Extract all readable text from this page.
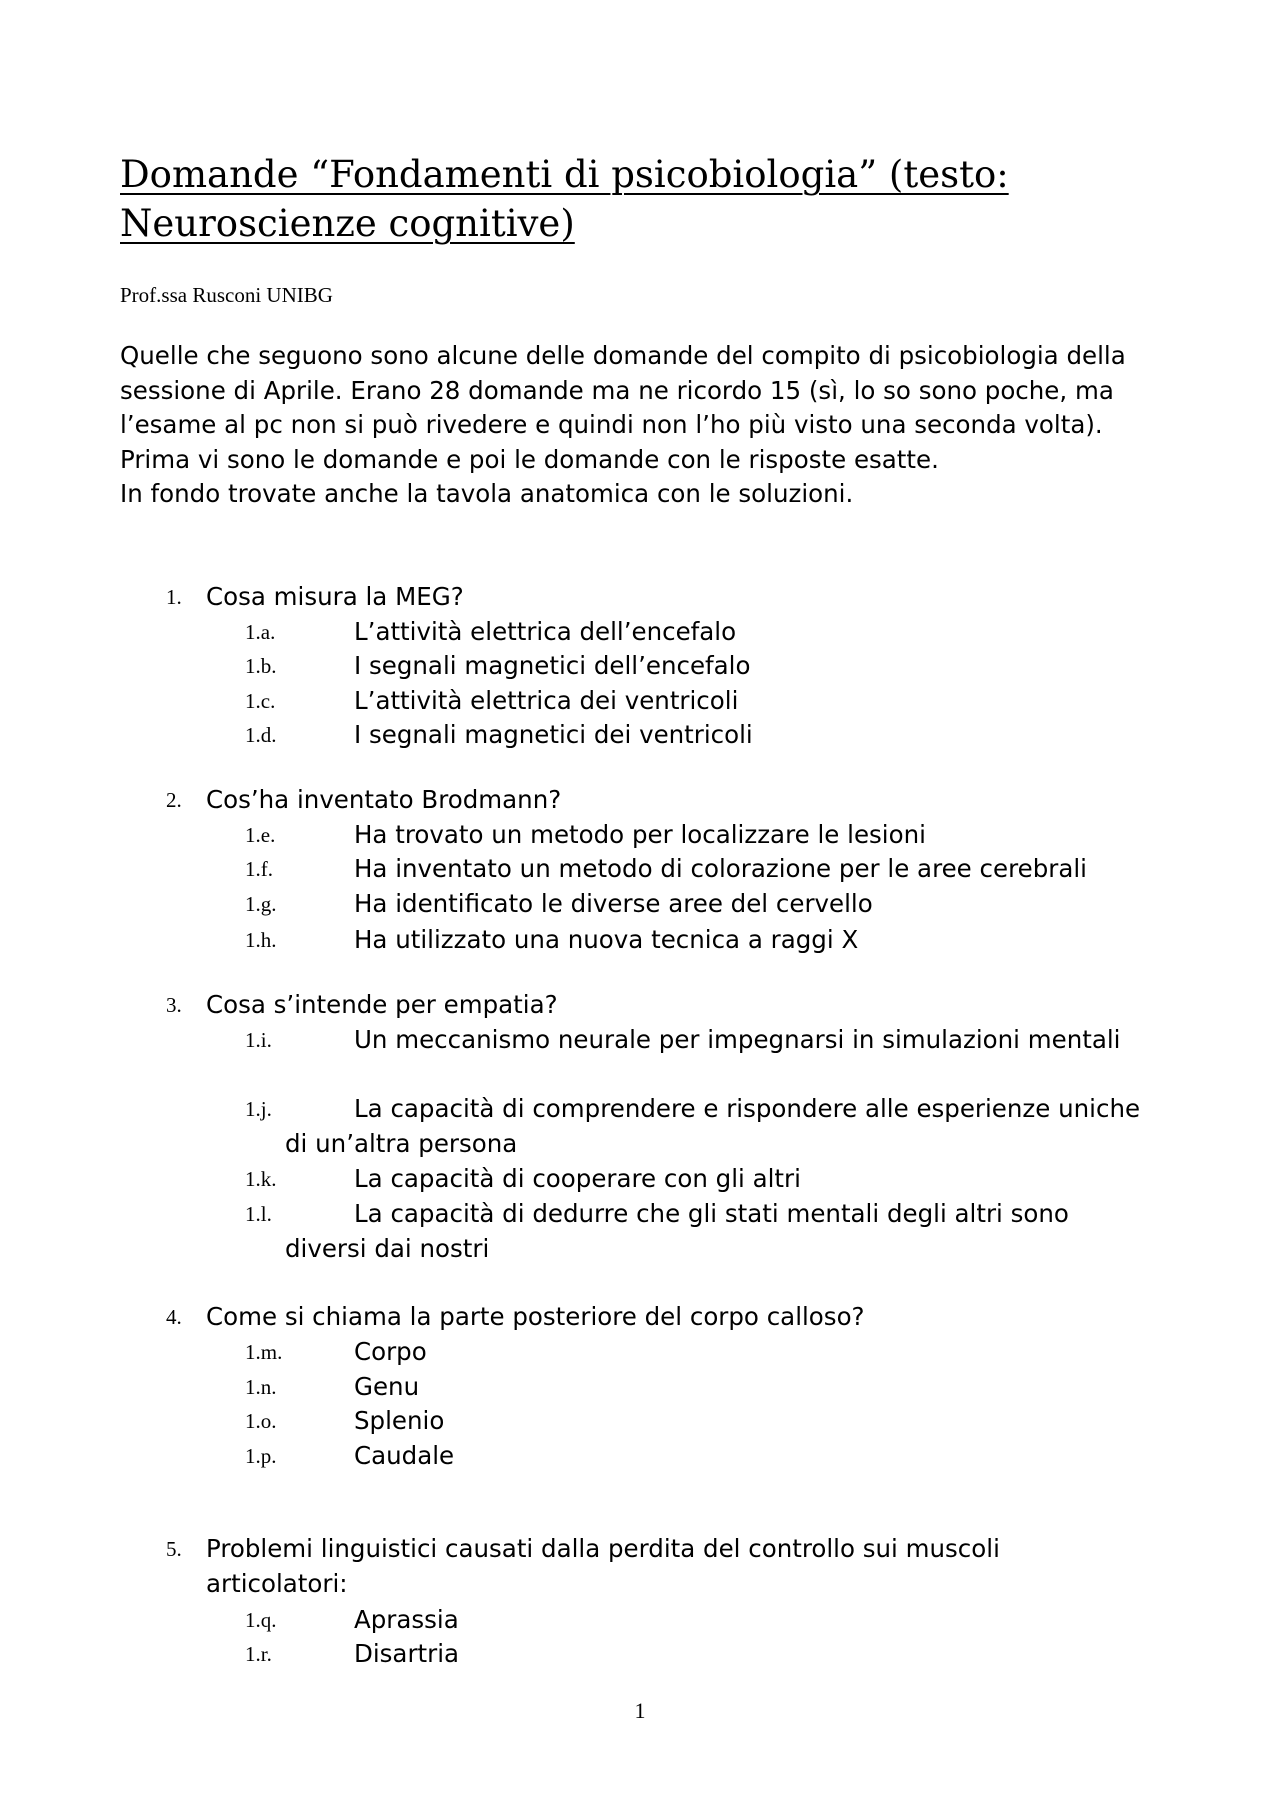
Domande “Fondamenti di psicobiologia” (testo: Neuroscienze cognitive)
Prof.ssa Rusconi UNIBG

Quelle che seguono sono alcune delle domande del compito di psicobiologia della sessione di Aprile. Erano 28 domande ma ne ricordo 15 (sì, lo so sono poche, ma l’esame al pc non si può rivedere e quindi non l’ho più visto una seconda volta).

Prima vi sono le domande e poi le domande con le risposte esatte.

In fondo trovate anche la tavola anatomica con le soluzioni.

1. Cosa misura la MEG?
1.a.	L’attività elettrica dell’encefalo
1.b.	I segnali magnetici dell’encefalo
1.c.	L’attività elettrica dei ventricoli
1.d.	I segnali magnetici dei ventricoli
2. Cos’ha inventato Brodmann?
1.e.	Ha trovato un metodo per localizzare le lesioni
1.f.	Ha inventato un metodo di colorazione per le aree cerebrali
1.g.	Ha identificato le diverse aree del cervello
1.h.	Ha utilizzato una nuova tecnica a raggi X
3. Cosa s’intende per empatia?
1.i.	Un meccanismo neurale per impegnarsi in simulazioni mentali
1.j.	La capacità di comprendere e rispondere alle esperienze uniche di un’altra persona
1.k.	La capacità di cooperare con gli altri
1.l.	La capacità di dedurre che gli stati mentali degli altri sono diversi dai nostri
4. Come si chiama la parte posteriore del corpo calloso?
1.m.	Corpo
1.n.	Genu
1.o.	Splenio
1.p.	Caudale
5. Problemi linguistici causati dalla perdita del controllo sui muscoli articolatori:
1.q.	Aprassia
1.r.	Disartria
1
